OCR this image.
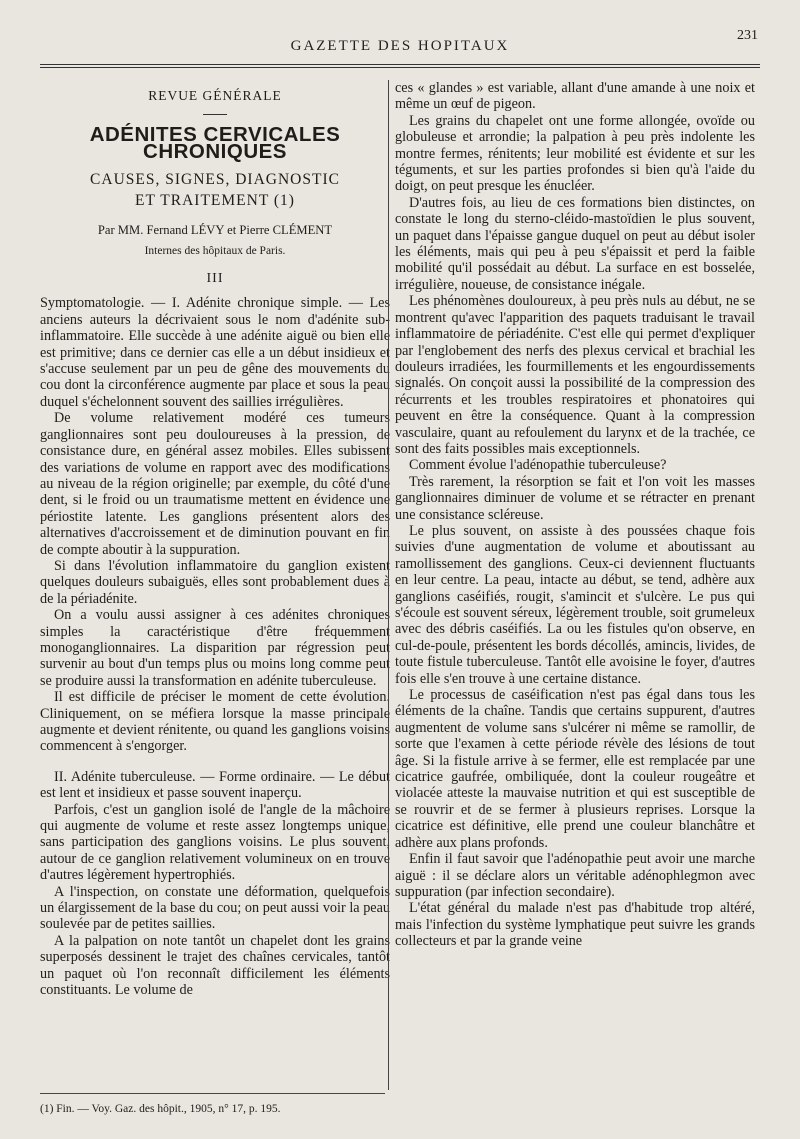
GAZETTE DES HOPITAUX
231

REVUE GÉNÉRALE

ADÉNITES CERVICALES CHRONIQUES

CAUSES, SIGNES, DIAGNOSTIC

ET TRAITEMENT (1)

Par MM. Fernand LÉVY et Pierre CLÉMENT

Internes des hôpitaux de Paris.

III

Symptomatologie. — I. Adénite chronique simple. — Les anciens auteurs la décrivaient sous le nom d'adénite sub-inflammatoire. Elle succède à une adénite aiguë ou bien elle est primitive; dans ce dernier cas elle a un début insidieux et s'accuse seulement par un peu de gêne des mouvements du cou dont la circonférence augmente par place et sous la peau duquel s'échelonnent souvent des saillies irrégulières.

De volume relativement modéré ces tumeurs ganglionnaires sont peu douloureuses à la pression, de consistance dure, en général assez mobiles. Elles subissent des variations de volume en rapport avec des modifications au niveau de la région originelle; par exemple, du côté d'une dent, si le froid ou un traumatisme mettent en évidence une périostite latente. Les ganglions présentent alors des alternatives d'accroissement et de diminution pouvant en fin de compte aboutir à la suppuration.

Si dans l'évolution inflammatoire du ganglion existent quelques douleurs subaiguës, elles sont probablement dues à de la périadénite.

On a voulu aussi assigner à ces adénites chroniques simples la caractéristique d'être fréquemment monoganglionnaires. La disparition par régression peut survenir au bout d'un temps plus ou moins long comme peut se produire aussi la transformation en adénite tuberculeuse.

Il est difficile de préciser le moment de cette évolution. Cliniquement, on se méfiera lorsque la masse principale augmente et devient rénitente, ou quand les ganglions voisins commencent à s'engorger.

II. Adénite tuberculeuse. — Forme ordinaire. — Le début est lent et insidieux et passe souvent inaperçu.

Parfois, c'est un ganglion isolé de l'angle de la mâchoire qui augmente de volume et reste assez longtemps unique, sans participation des ganglions voisins. Le plus souvent, autour de ce ganglion relativement volumineux on en trouve d'autres légèrement hypertrophiés.

A l'inspection, on constate une déformation, quelquefois un élargissement de la base du cou; on peut aussi voir la peau soulevée par de petites saillies.

A la palpation on note tantôt un chapelet dont les grains superposés dessinent le trajet des chaînes cervicales, tantôt un paquet où l'on reconnaît difficilement les éléments constituants. Le volume de

ces « glandes » est variable, allant d'une amande à une noix et même un œuf de pigeon.

Les grains du chapelet ont une forme allongée, ovoïde ou globuleuse et arrondie; la palpation à peu près indolente les montre fermes, rénitents; leur mobilité est évidente et sur les téguments, et sur les parties profondes si bien qu'à l'aide du doigt, on peut presque les énucléer.

D'autres fois, au lieu de ces formations bien distinctes, on constate le long du sterno-cléido-mastoïdien le plus souvent, un paquet dans l'épaisse gangue duquel on peut au début isoler les éléments, mais qui peu à peu s'épaissit et perd la faible mobilité qu'il possédait au début. La surface en est bosselée, irrégulière, noueuse, de consistance inégale.

Les phénomènes douloureux, à peu près nuls au début, ne se montrent qu'avec l'apparition des paquets traduisant le travail inflammatoire de périadénite. C'est elle qui permet d'expliquer par l'englobement des nerfs des plexus cervical et brachial les douleurs irradiées, les fourmillements et les engourdissements signalés. On conçoit aussi la possibilité de la compression des récurrents et les troubles respiratoires et phonatoires qui peuvent en être la conséquence. Quant à la compression vasculaire, quant au refoulement du larynx et de la trachée, ce sont des faits possibles mais exceptionnels.

Comment évolue l'adénopathie tuberculeuse?

Très rarement, la résorption se fait et l'on voit les masses ganglionnaires diminuer de volume et se rétracter en prenant une consistance scléreuse.

Le plus souvent, on assiste à des poussées chaque fois suivies d'une augmentation de volume et aboutissant au ramollissement des ganglions. Ceux-ci deviennent fluctuants en leur centre. La peau, intacte au début, se tend, adhère aux ganglions caséifiés, rougit, s'amincit et s'ulcère. Le pus qui s'écoule est souvent séreux, légèrement trouble, soit grumeleux avec des débris caséifiés. La ou les fistules qu'on observe, en cul-de-poule, présentent les bords décollés, amincis, livides, de toute fistule tuberculeuse. Tantôt elle avoisine le foyer, d'autres fois elle s'en trouve à une certaine distance.

Le processus de caséification n'est pas égal dans tous les éléments de la chaîne. Tandis que certains suppurent, d'autres augmentent de volume sans s'ulcérer ni même se ramollir, de sorte que l'examen à cette période révèle des lésions de tout âge. Si la fistule arrive à se fermer, elle est remplacée par une cicatrice gaufrée, ombiliquée, dont la couleur rougeâtre et violacée atteste la mauvaise nutrition et qui est susceptible de se rouvrir et de se fermer à plusieurs reprises. Lorsque la cicatrice est définitive, elle prend une couleur blanchâtre et adhère aux plans profonds.

Enfin il faut savoir que l'adénopathie peut avoir une marche aiguë : il se déclare alors un véritable adénophlegmon avec suppuration (par infection secondaire).

L'état général du malade n'est pas d'habitude trop altéré, mais l'infection du système lymphatique peut suivre les grands collecteurs et par la grande veine

(1) Fin. — Voy. Gaz. des hôpit., 1905, n° 17, p. 195.
